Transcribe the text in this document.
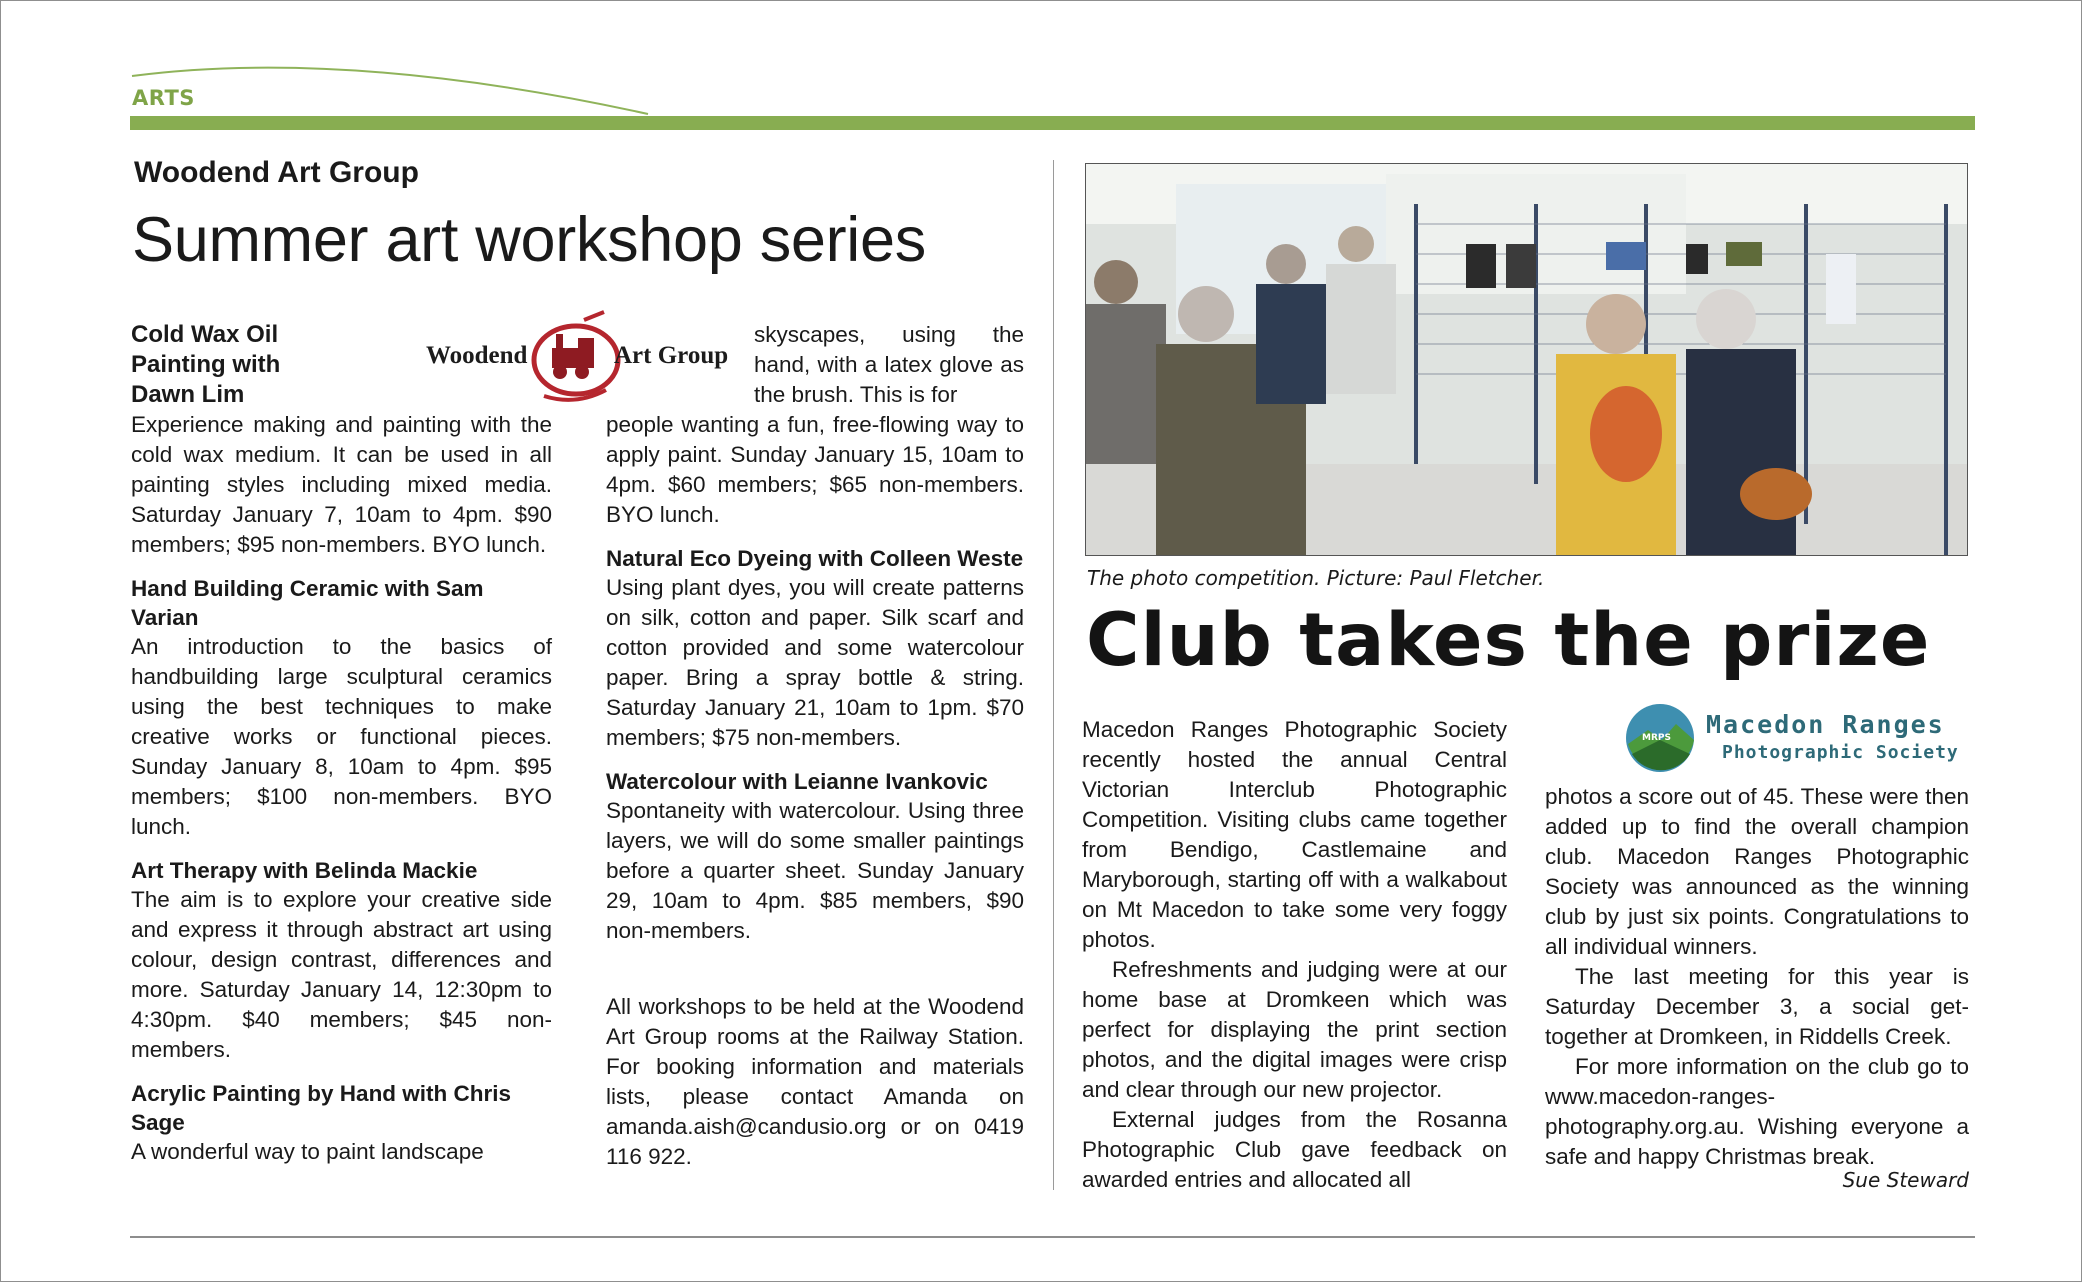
ARTS
Woodend Art Group
Summer art workshop series
Woodend	Art Group
Cold Wax Oil Painting with Dawn Lim
Experience making and painting with the cold wax medium. It can be used in all painting styles including mixed media. Saturday January 7, 10am to 4pm. $90 members; $95 non-members. BYO lunch.
Hand Building Ceramic with Sam Varian
An introduction to the basics of handbuilding large sculptural ceramics using the best techniques to make creative works or functional pieces. Sunday January 8, 10am to 4pm. $95 members; $100 non-members. BYO lunch.
Art Therapy with Belinda Mackie
The aim is to explore your creative side and express it through abstract art using colour, design contrast, differences and more. Saturday January 14, 12:30pm to 4:30pm. $40 members; $45 non-members.
Acrylic Painting by Hand with Chris Sage
A wonderful way to paint landscape
skyscapes, using the hand, with a latex glove as the brush. This is for
people wanting a fun, free-flowing way to apply paint. Sunday January 15, 10am to 4pm. $60 members; $65 non-members. BYO lunch.
Natural Eco Dyeing with Colleen Weste
Using plant dyes, you will create patterns on silk, cotton and paper. Silk scarf and cotton provided and some watercolour paper. Bring a spray bottle & string. Saturday January 21, 10am to 1pm. $70 members; $75 non-members.
Watercolour with Leianne Ivankovic
Spontaneity with watercolour. Using three layers, we will do some smaller paintings before a quarter sheet. Sunday January 29, 10am to 4pm. $85 members, $90 non-members.
All workshops to be held at the Woodend Art Group rooms at the Railway Station. For booking information and materials lists, please contact Amanda on amanda.aish@candusio.org or on 0419 116 922.
The photo competition. Picture: Paul Fletcher.
Club takes the prize
MRPS Macedon Ranges
Photographic Society
Macedon Ranges Photographic Society recently hosted the annual Central Victorian Interclub Photographic Competition. Visiting clubs came together from Bendigo, Castlemaine and Maryborough, starting off with a walkabout on Mt Macedon to take some very foggy photos.
Refreshments and judging were at our home base at Dromkeen which was perfect for displaying the print section photos, and the digital images were crisp and clear through our new projector.
External judges from the Rosanna Photographic Club gave feedback on awarded entries and allocated all
photos a score out of 45. These were then added up to find the overall champion club. Macedon Ranges Photographic Society was announced as the winning club by just six points. Congratulations to all individual winners.
The last meeting for this year is Saturday December 3, a social get-together at Dromkeen, in Riddells Creek.
For more information on the club go to www.macedon-ranges-photography.org.au. Wishing everyone a safe and happy Christmas break.
Sue Steward
